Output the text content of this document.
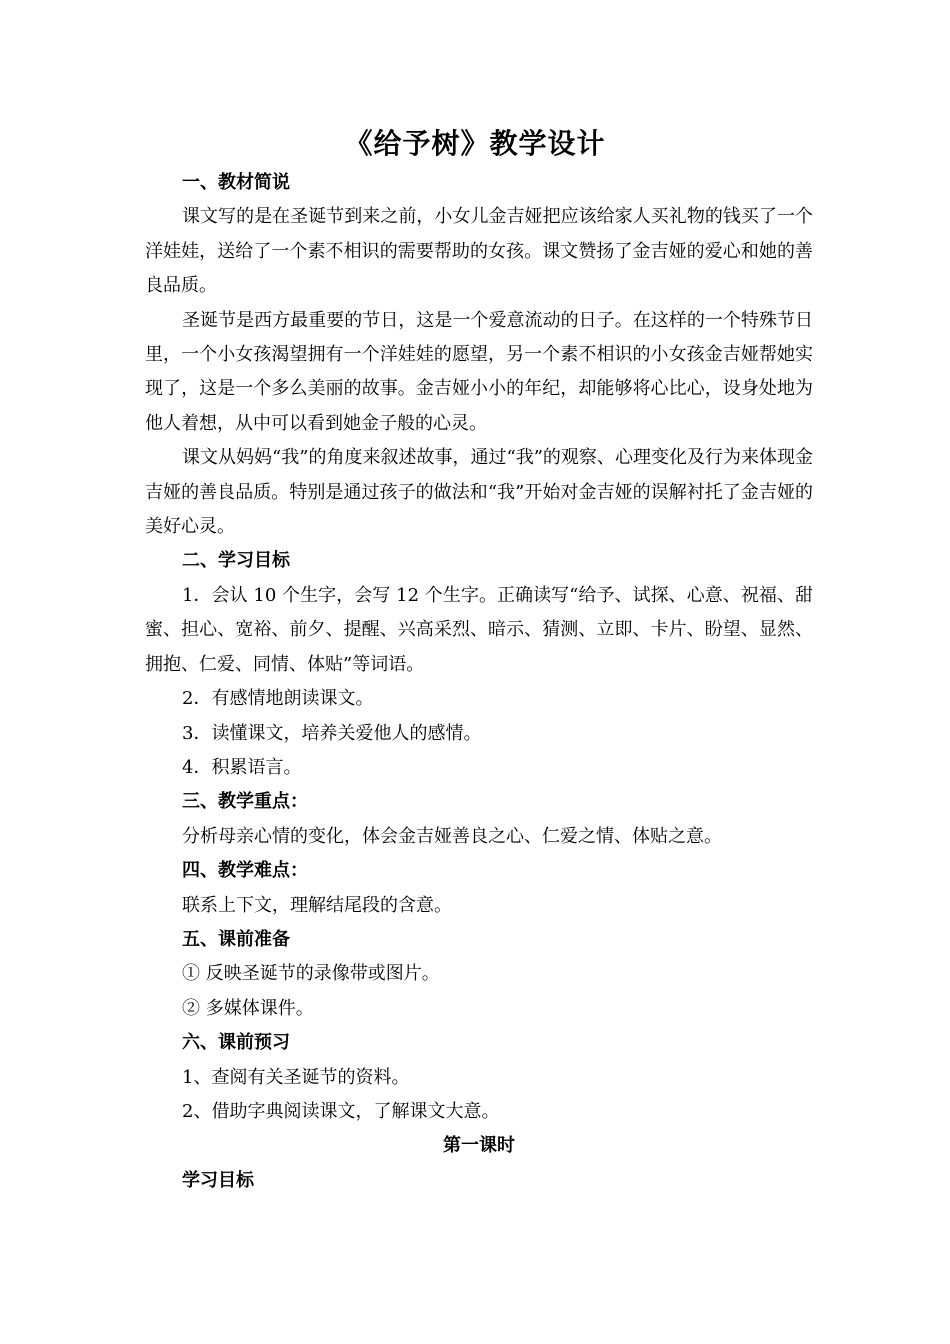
《给予树》教学设计

一、教材简说

课文写的是在圣诞节到来之前，小女儿金吉娅把应该给家人买礼物的钱买了一个洋娃娃，送给了一个素不相识的需要帮助的女孩。课文赞扬了金吉娅的爱心和她的善良品质。

圣诞节是西方最重要的节日，这是一个爱意流动的日子。在这样的一个特殊节日里，一个小女孩渴望拥有一个洋娃娃的愿望，另一个素不相识的小女孩金吉娅帮她实现了，这是一个多么美丽的故事。金吉娅小小的年纪，却能够将心比心，设身处地为他人着想，从中可以看到她金子般的心灵。

课文从妈妈“我”的角度来叙述故事，通过“我”的观察、心理变化及行为来体现金吉娅的善良品质。特别是通过孩子的做法和“我”开始对金吉娅的误解衬托了金吉娅的美好心灵。

二、学习目标

1．会认 10 个生字，会写 12 个生字。正确读写“给予、试探、心意、祝福、甜蜜、担心、宽裕、前夕、提醒、兴高采烈、暗示、猜测、立即、卡片、盼望、显然、拥抱、仁爱、同情、体贴”等词语。

2．有感情地朗读课文。

3．读懂课文，培养关爱他人的感情。

4．积累语言。

三、教学重点：

分析母亲心情的变化，体会金吉娅善良之心、仁爱之情、体贴之意。

四、教学难点：

联系上下文，理解结尾段的含意。

五、课前准备

① 反映圣诞节的录像带或图片。

② 多媒体课件。

六、课前预习

1、查阅有关圣诞节的资料。

2、借助字典阅读课文，了解课文大意。

第一课时

学习目标
